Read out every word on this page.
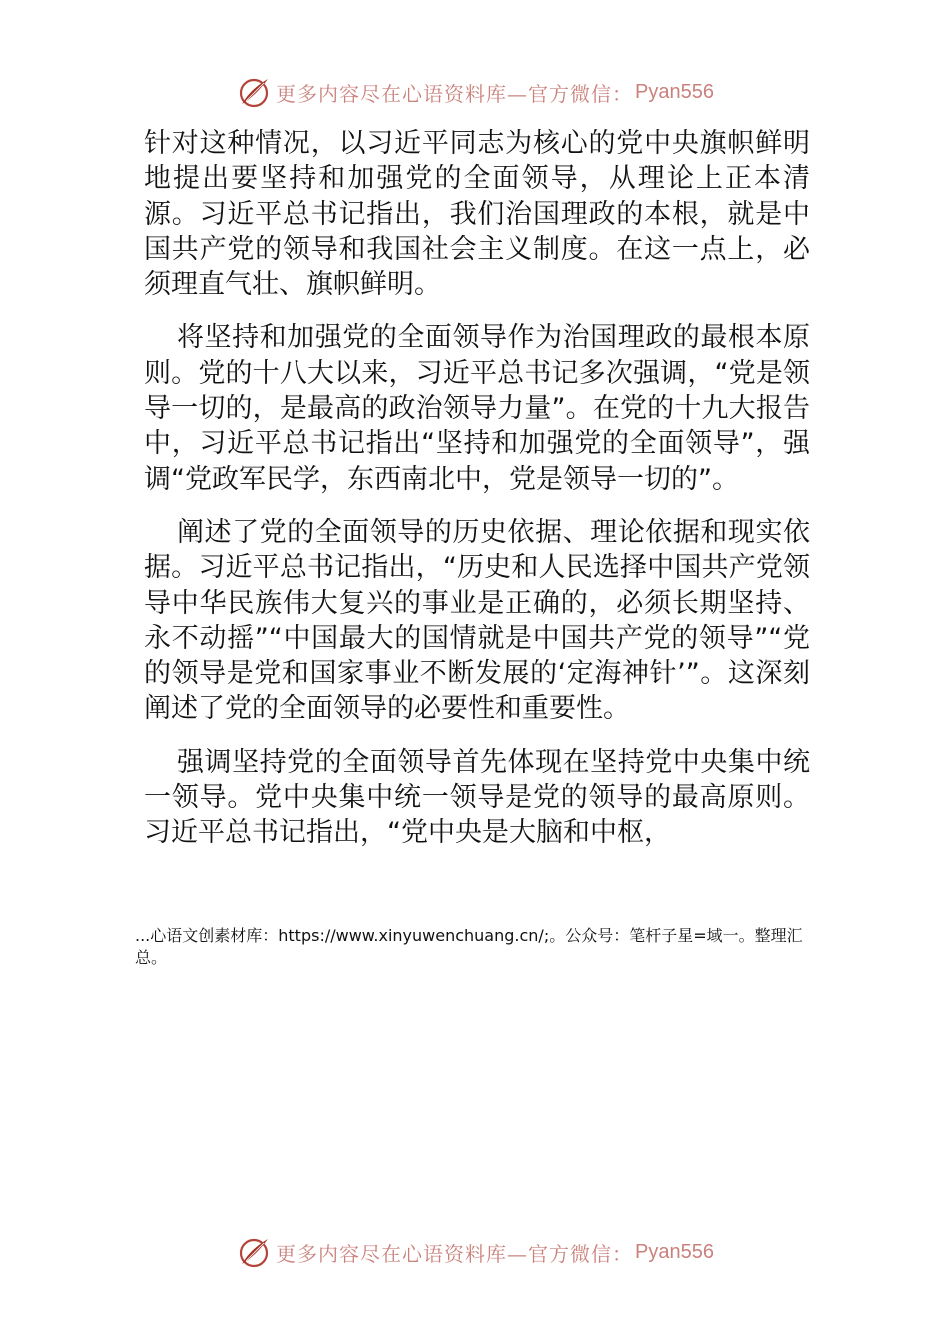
更多内容尽在心语资料库—官方微信： Pyan556

针对这种情况，以习近平同志为核心的党中央旗帜鲜明地提出要坚持和加强党的全面领导，从理论上正本清源。习近平总书记指出，我们治国理政的本根，就是中国共产党的领导和我国社会主义制度。在这一点上，必须理直气壮、旗帜鲜明。

将坚持和加强党的全面领导作为治国理政的最根本原则。党的十八大以来，习近平总书记多次强调，“党是领导一切的，是最高的政治领导力量”。在党的十九大报告中，习近平总书记指出“坚持和加强党的全面领导”，强调“党政军民学，东西南北中，党是领导一切的”。

阐述了党的全面领导的历史依据、理论依据和现实依据。习近平总书记指出，“历史和人民选择中国共产党领导中华民族伟大复兴的事业是正确的，必须长期坚持、永不动摇”“中国最大的国情就是中国共产党的领导”“党的领导是党和国家事业不断发展的‘定海神针’”。这深刻阐述了党的全面领导的必要性和重要性。

强调坚持党的全面领导首先体现在坚持党中央集中统一领导。党中央集中统一领导是党的领导的最高原则。习近平总书记指出，“党中央是大脑和中枢，

...心语文创素材库：https://www.xinyuwenchuang.cn/;。公众号：笔杆子星=域一。整理汇总。
更多内容尽在心语资料库—官方微信： Pyan556
